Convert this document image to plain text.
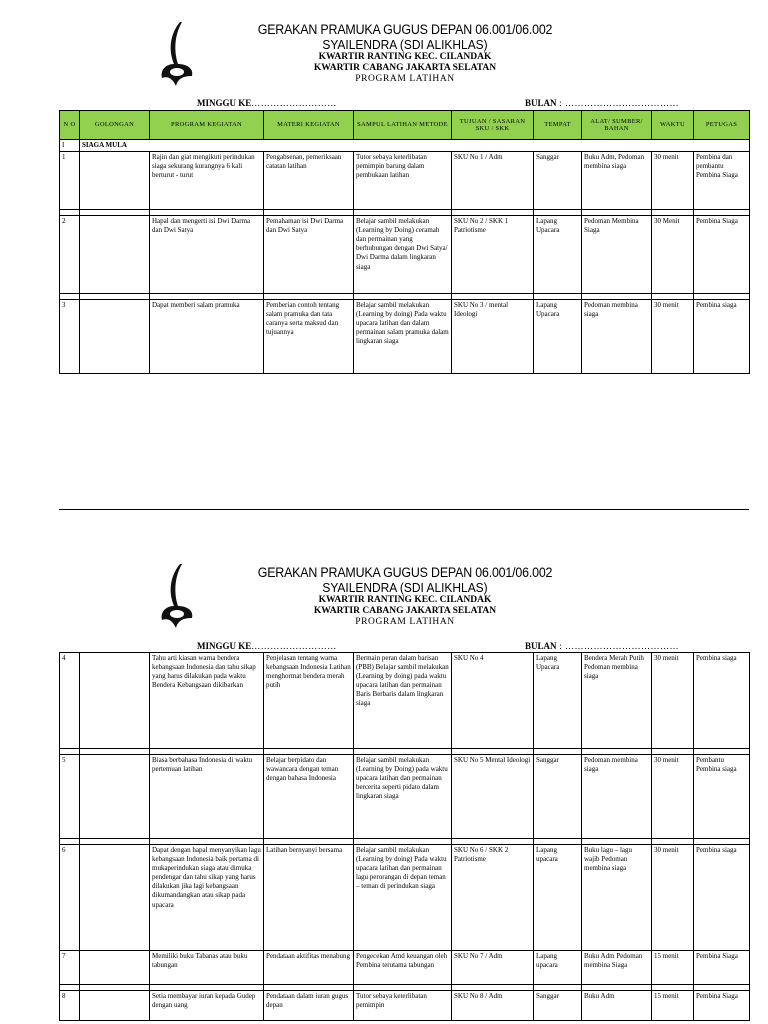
GERAKAN PRAMUKA GUGUS DEPAN 06.001/06.002
SYAILENDRA (SDI ALIKHLAS)
KWARTIR RANTING KEC. CILANDAK
KWARTIR CABANG JAKARTA SELATAN
PROGRAM LATIHAN
MINGGU KE………………………	BULAN : ………………………………
N O	GOLONGAN	PROGRAM KEGIATAN	MATERI KEGIATAN	SAMPUL LATIHAN METODE	TUJUAN / SASARAN SKU / SKK	TEMPAT	ALAT/ SUMBER/ BAHAN	WAKTU	PETUGAS
I	SIAGA MULA								
1		Rajin dan giat mengikuti perindukan siaga sekurang kurangnya 6 kali berturut - turut	Pengabsenan, pemeriksaan catatan latihan	Tutor sebaya keterlibatan pemimpin barung dalam pembukaan latihan	SKU No 1 / Adm	Sanggar	Buku Adm, Pedoman membina siaga	30 menit	Pembina dan pembantu Pembina Siaga

2		Hapal dan mengerti isi Dwi Darma dan Dwi Satya	Pemahaman isi Dwi Darma dan Dwi Satya	Belajar sambil melakukan (Learning by Doing) ceramah dan permainan yang berhubungan dengan Dwi Satya/ Dwi Darma dalam lingkaran siaga	SKU No 2 / SKK 1 Patriotisme	Lapang Upacara	Pedoman Membina Siaga	30 Menit	Pembina Siaga

3		Dapat memberi salam pramuka	Pemberian contoh tentang salam pramuka dan tata caranya serta maksud dan tujuannya	Belajar sambil melakukan (Learning by doing) Pada waktu upacara latihan dan dalam permainan salam pramuka dalam lingkaran siaga	SKU No 3 / mental Ideologi	Lapang Upacara	Pedoman membina siaga	30 menit	Pembina siaga
GERAKAN PRAMUKA GUGUS DEPAN 06.001/06.002
SYAILENDRA (SDI ALIKHLAS)
KWARTIR RANTING KEC. CILANDAK
KWARTIR CABANG JAKARTA SELATAN
PROGRAM LATIHAN
MINGGU KE………………………	BULAN : ………………………………
4		Tahu arti kiasan warna bendera kebangsaan Indonesia dan tahu sikap yang harus dilakukan pada waktu Bendera Kebangsaan dikibarkan	Penjelasan tentang warna kebangsaan Indonesia Latihan menghormat bendera merah putih	Bermain peran dalam barisan (PBB) Belajar sambil melakukan (Learning by doing) pada waktu upacara latihan dan permainan Baris Berbaris dalam lingkaran siaga	SKU No 4	Lapang Upacara	Bendera Merah Putih Pedoman membina siaga	30 menit	Pembina siaga

5		Biasa berbahasa Indonesia di waktu pertemuan latihan	Belajar berpidato dan wawancara dengan teman dengan bahasa Indonesia	Belajar sambil melakukan (Learning by Doing) pada waktu upacara latihan dan permainan bercerita seperti pidato dalam lingkaran siaga	SKU No 5 Mental Ideologi	Sanggar	Pedoman membina siaga	30 menit	Pembantu Pembina siaga

6		Dapat dengan hapal menyanyikan lagu kebangsaan Indonesia baik pertama di mukaperindukan siaga atau dimuka pendengar dan tahu sikap yang harus dilakukan jika lagi kebangsaan dikumandangkan atau sikap pada upacara	Latihan bernyanyi bersama	Belajar sambil melakukan (Learning by doing) Pada waktu upacara latihan dan permainan lagu perorangan di depan teman – teman di perindukan siaga	SKU No 6 / SKK 2 Patriotisme	Lapang upacara	Buku lagu – lagu wajib Pedoman membina siaga	30 menit	Pembina siaga
7		Memiliki buku Tabanas atau buku tabungan	Pendataan aktifitas menabung	Pengecekan Amd keuangan oleh Pembina terutama tabungan	SKU No 7 / Adm	Lapang upacara	Buku Adm Pedoman membina Siaga	15 menit	Pembina Siaga

8		Setia membayar iuran kepada Gudep dengan uang	Pendataan dalam iuran gugus depan	Tutor sebaya keterlibatan pemimpin	SKU No 8 / Adm	Sanggar	Buku Adm	15 menit	Pembina Siaga
